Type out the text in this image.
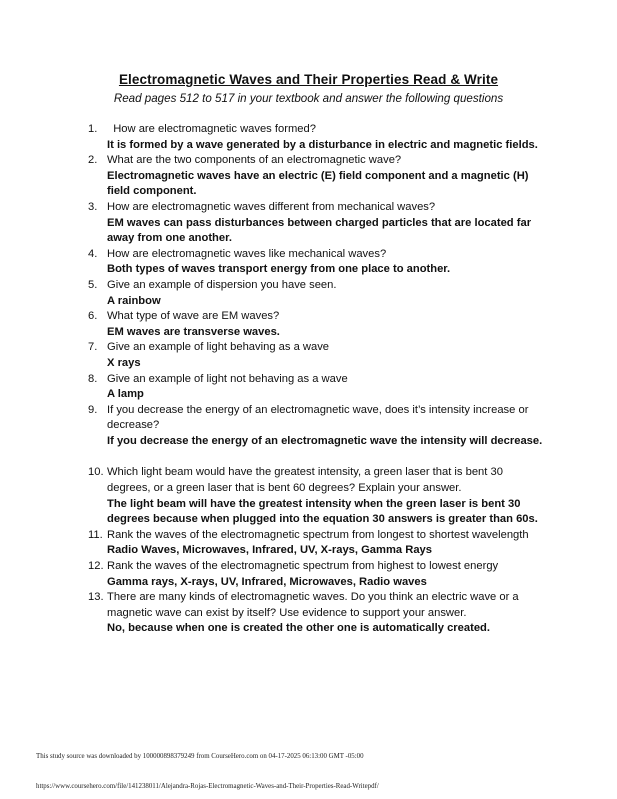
Electromagnetic Waves and Their Properties Read & Write
Read pages 512 to 517 in your textbook and answer the following questions
1.	How are electromagnetic waves formed?
It is formed by a wave generated by a disturbance in electric and magnetic fields.
2. What are the two components of an electromagnetic wave?
Electromagnetic waves have an electric (E) field component and a magnetic (H) field component.
3. How are electromagnetic waves different from mechanical waves?
EM waves can pass disturbances between charged particles that are located far away from one another.
4. How are electromagnetic waves like mechanical waves?
Both types of waves transport energy from one place to another.
5. Give an example of dispersion you have seen.
A rainbow
6. What type of wave are EM waves?
EM waves are transverse waves.
7. Give an example of light behaving as a wave
X rays
8. Give an example of light not behaving as a wave
A lamp
9. If you decrease the energy of an electromagnetic wave, does it’s intensity increase or decrease?
If you decrease the energy of an electromagnetic wave the intensity will decrease.
10. Which light beam would have the greatest intensity, a green laser that is bent 30 degrees, or a green laser that is bent 60 degrees? Explain your answer.
The light beam will have the greatest intensity when the green laser is bent 30 degrees because when plugged into the equation 30 answers is greater than 60s.
11. Rank the waves of the electromagnetic spectrum from longest to shortest wavelength
Radio Waves, Microwaves, Infrared, UV, X-rays, Gamma Rays
12. Rank the waves of the electromagnetic spectrum from highest to lowest energy
Gamma rays, X-rays, UV, Infrared, Microwaves, Radio waves
13. There are many kinds of electromagnetic waves. Do you think an electric wave or a magnetic wave can exist by itself? Use evidence to support your answer.
No, because when one is created the other one is automatically created.
This study source was downloaded by 100000898379249 from CourseHero.com on 04-17-2025 06:13:00 GMT -05:00
https://www.coursehero.com/file/141238011/Alejandra-Rojas-Electromagnetic-Waves-and-Their-Properties-Read-Writepdf/
